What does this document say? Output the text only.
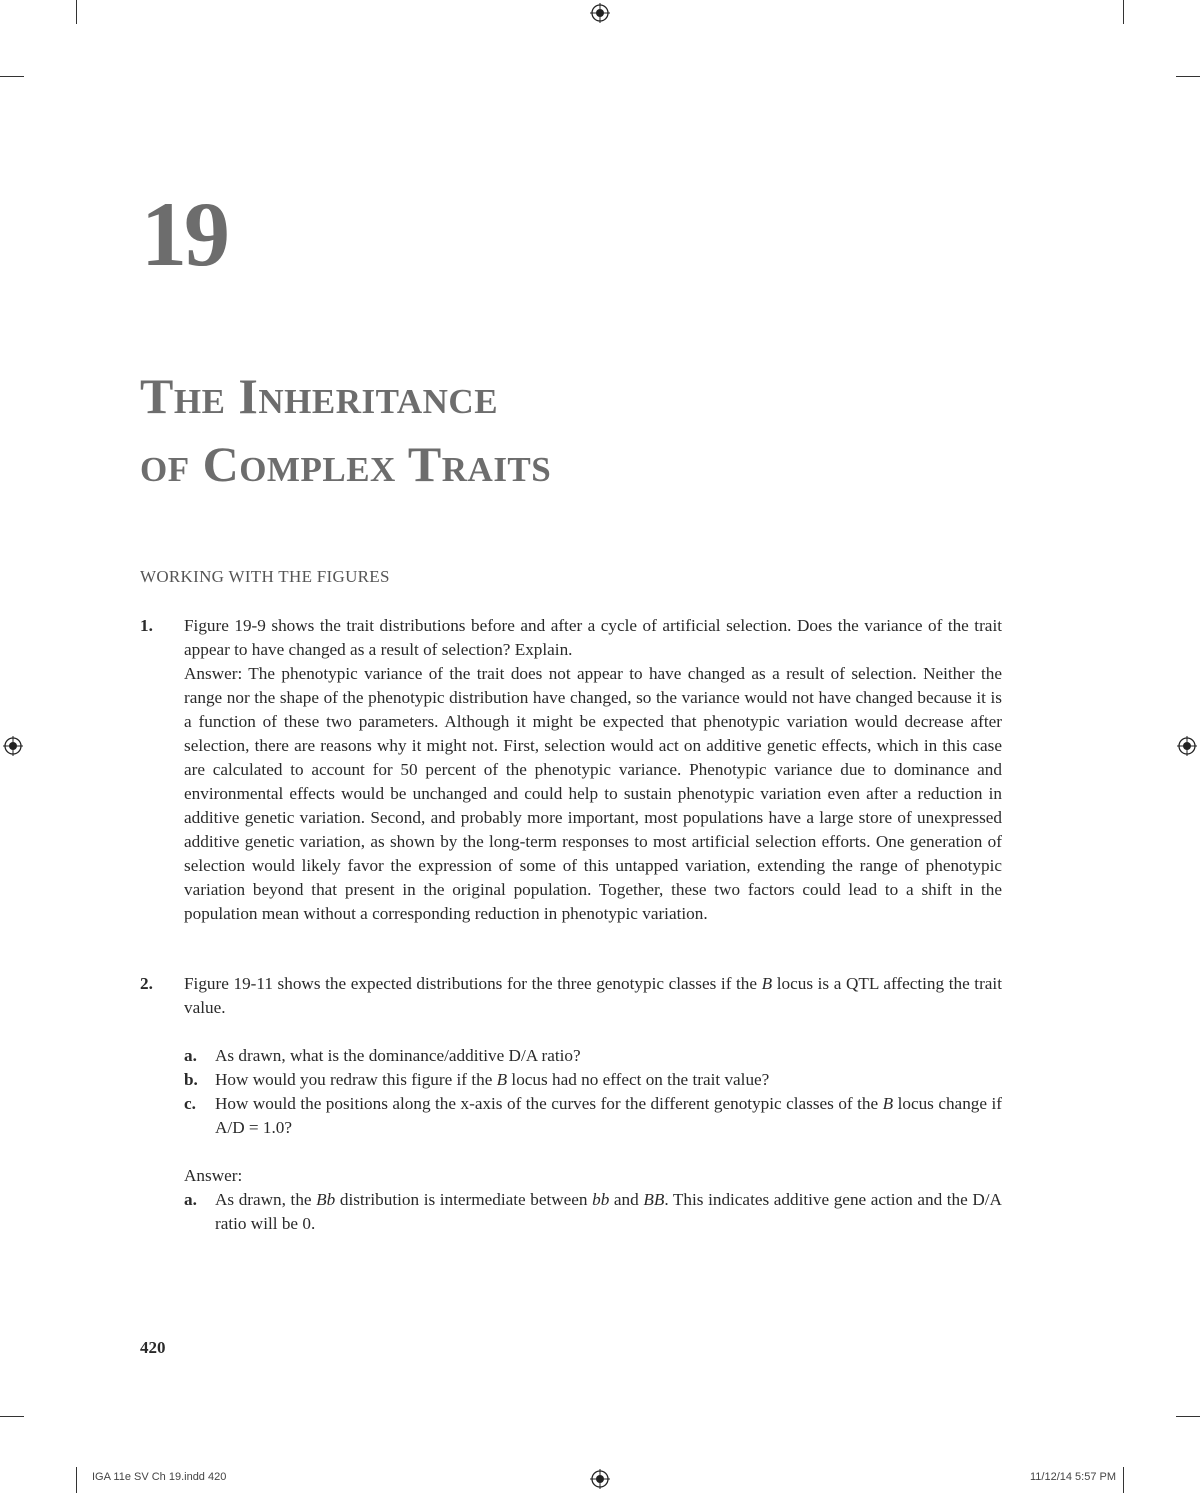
19
The Inheritance
of Complex Traits
WORKING WITH THE FIGURES
1. Figure 19-9 shows the trait distributions before and after a cycle of artificial selection. Does the variance of the trait appear to have changed as a result of selection? Explain.

Answer: The phenotypic variance of the trait does not appear to have changed as a result of selection. Neither the range nor the shape of the phenotypic distribution have changed, so the variance would not have changed because it is a function of these two parameters. Although it might be expected that phenotypic variation would decrease after selection, there are reasons why it might not. First, selection would act on additive genetic effects, which in this case are calculated to account for 50 percent of the phenotypic variance. Phenotypic variance due to dominance and environmental effects would be unchanged and could help to sustain phenotypic variation even after a reduction in additive genetic variation. Second, and probably more important, most populations have a large store of unexpressed additive genetic variation, as shown by the long-term responses to most artificial selection efforts. One generation of selection would likely favor the expression of some of this untapped variation, extending the range of phenotypic variation beyond that present in the original population. Together, these two factors could lead to a shift in the population mean without a corresponding reduction in phenotypic variation.

2. Figure 19-11 shows the expected distributions for the three genotypic classes if the B locus is a QTL affecting the trait value.

a. As drawn, what is the dominance/additive D/A ratio?
b. How would you redraw this figure if the B locus had no effect on the trait value?
c. How would the positions along the x-axis of the curves for the different genotypic classes of the B locus change if A/D = 1.0?
Answer:
a. As drawn, the Bb distribution is intermediate between bb and BB. This indicates additive gene action and the D/A ratio will be 0.
420
IGA 11e SV Ch 19.indd 420	11/12/14 5:57 PM
